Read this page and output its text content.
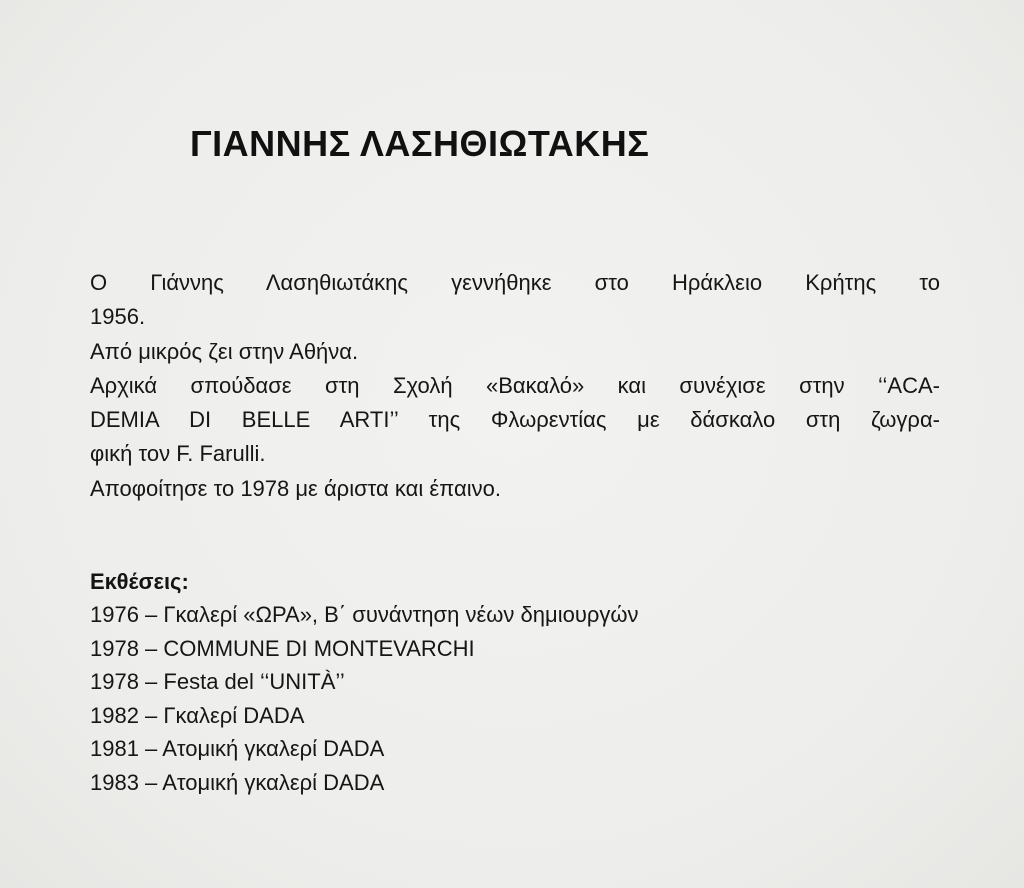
ΓΙΑΝΝΗΣ ΛΑΣΗΘΙΩΤΑΚΗΣ
Ο Γιάννης Λασηθιωτάκης γεννήθηκε στο Ηράκλειο Κρήτης το
1956.
Από μικρός ζει στην Αθήνα.
Αρχικά σπούδασε στη Σχολή «Βακαλό» και συνέχισε στην ‘‘ACA-
DEMIA DI BELLE ARTI’’ της Φλωρεντίας με δάσκαλο στη ζωγρα-
φική τον F. Farulli.
Αποφοίτησε το 1978 με άριστα και έπαινο.
Εκθέσεις:
1976 – Γκαλερί «ΩΡΑ», Β΄ συνάντηση νέων δημιουργών
1978 – COMMUNE DI MONTEVARCHI
1978 – Festa del ‘‘UNITÀ’’
1982 – Γκαλερί DADA
1981 – Ατομική γκαλερί DADA
1983 – Ατομική γκαλερί DADA
